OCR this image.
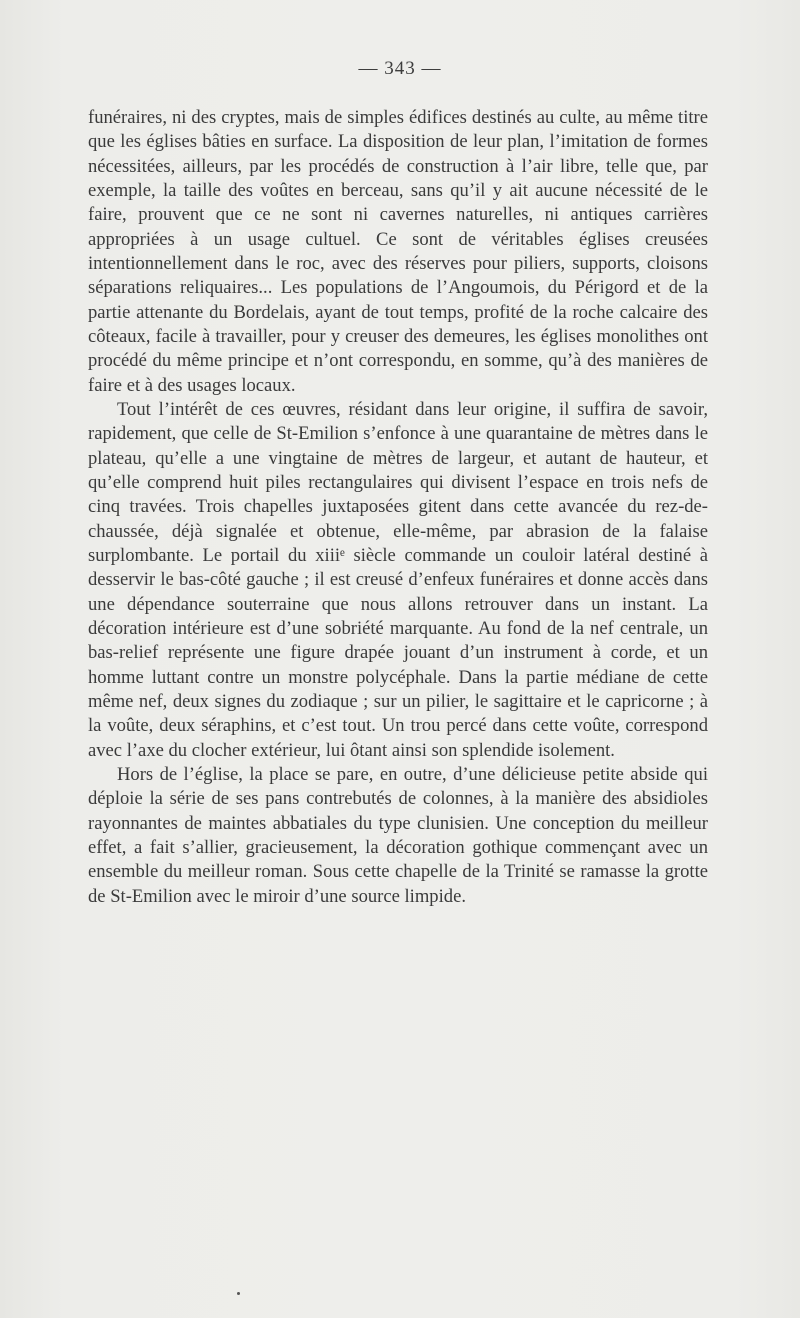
— 343 —

funéraires, ni des cryptes, mais de simples édifices destinés au culte, au même titre que les églises bâties en surface. La disposition de leur plan, l’imitation de formes nécessitées, ailleurs, par les procédés de construction à l’air libre, telle que, par exemple, la taille des voûtes en berceau, sans qu’il y ait aucune nécessité de le faire, prouvent que ce ne sont ni cavernes naturelles, ni antiques carrières appropriées à un usage cultuel. Ce sont de véritables églises creusées intentionnellement dans le roc, avec des réserves pour piliers, supports, cloisons séparations reliquaires... Les populations de l’Angoumois, du Périgord et de la partie attenante du Bordelais, ayant de tout temps, profité de la roche calcaire des côteaux, facile à travailler, pour y creuser des demeures, les églises monolithes ont procédé du même principe et n’ont correspondu, en somme, qu’à des manières de faire et à des usages locaux.

Tout l’intérêt de ces œuvres, résidant dans leur origine, il suffira de savoir, rapidement, que celle de St-Emilion s’enfonce à une quarantaine de mètres dans le plateau, qu’elle a une vingtaine de mètres de largeur, et autant de hauteur, et qu’elle comprend huit piles rectangulaires qui divisent l’espace en trois nefs de cinq travées. Trois chapelles juxtaposées gitent dans cette avancée du rez-de-chaussée, déjà signalée et obtenue, elle-même, par abrasion de la falaise surplombante. Le portail du xiiiᵉ siècle commande un couloir latéral destiné à desservir le bas-côté gauche ; il est creusé d’enfeux funéraires et donne accès dans une dépendance souterraine que nous allons retrouver dans un instant. La décoration intérieure est d’une sobriété marquante. Au fond de la nef centrale, un bas-relief représente une figure drapée jouant d’un instrument à corde, et un homme luttant contre un monstre polycéphale. Dans la partie médiane de cette même nef, deux signes du zodiaque ; sur un pilier, le sagittaire et le capricorne ; à la voûte, deux séraphins, et c’est tout. Un trou percé dans cette voûte, correspond avec l’axe du clocher extérieur, lui ôtant ainsi son splendide isolement.

Hors de l’église, la place se pare, en outre, d’une délicieuse petite abside qui déploie la série de ses pans contrebutés de colonnes, à la manière des absidioles rayonnantes de maintes abbatiales du type clunisien. Une conception du meilleur effet, a fait s’allier, gracieusement, la décoration gothique commençant avec un ensemble du meilleur roman. Sous cette chapelle de la Trinité se ramasse la grotte de St-Emilion avec le miroir d’une source limpide.
